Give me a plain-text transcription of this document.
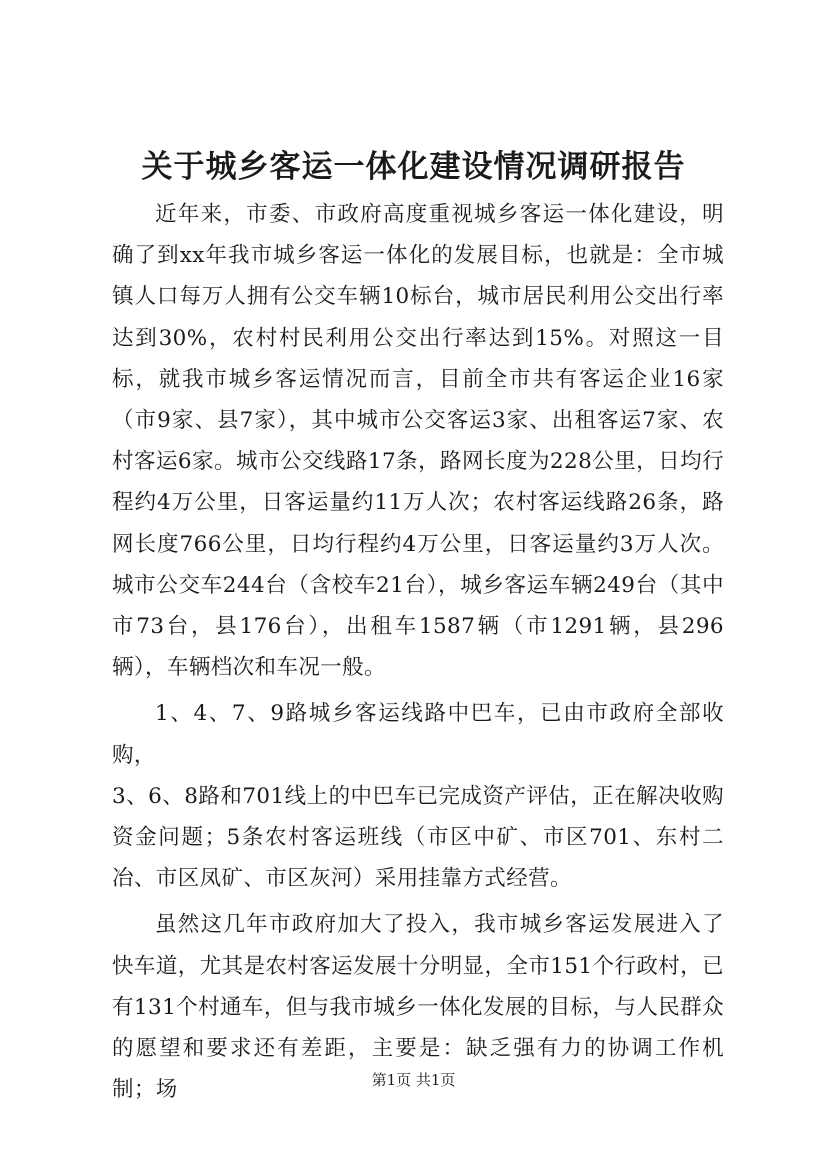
关于城乡客运一体化建设情况调研报告

近年来，市委、市政府高度重视城乡客运一体化建设，明确了到xx年我市城乡客运一体化的发展目标，也就是：全市城镇人口每万人拥有公交车辆10标台，城市居民利用公交出行率达到30%，农村村民利用公交出行率达到15%。对照这一目标，就我市城乡客运情况而言，目前全市共有客运企业16家（市9家、县7家），其中城市公交客运3家、出租客运7家、农村客运6家。城市公交线路17条，路网长度为228公里，日均行程约4万公里，日客运量约11万人次；农村客运线路26条，路网长度766公里，日均行程约4万公里，日客运量约3万人次。城市公交车244台（含校车21台），城乡客运车辆249台（其中市73台，县176台），出租车1587辆（市1291辆，县296辆），车辆档次和车况一般。

1、4、7、9路城乡客运线路中巴车，已由市政府全部收购，

3、6、8路和701线上的中巴车已完成资产评估，正在解决收购资金问题；5条农村客运班线（市区中矿、市区701、东村二冶、市区凤矿、市区灰河）采用挂靠方式经营。

虽然这几年市政府加大了投入，我市城乡客运发展进入了快车道，尤其是农村客运发展十分明显，全市151个行政村，已有131个村通车，但与我市城乡一体化发展的目标，与人民群众的愿望和要求还有差距，主要是：缺乏强有力的协调工作机制；场	第1页 共1页
